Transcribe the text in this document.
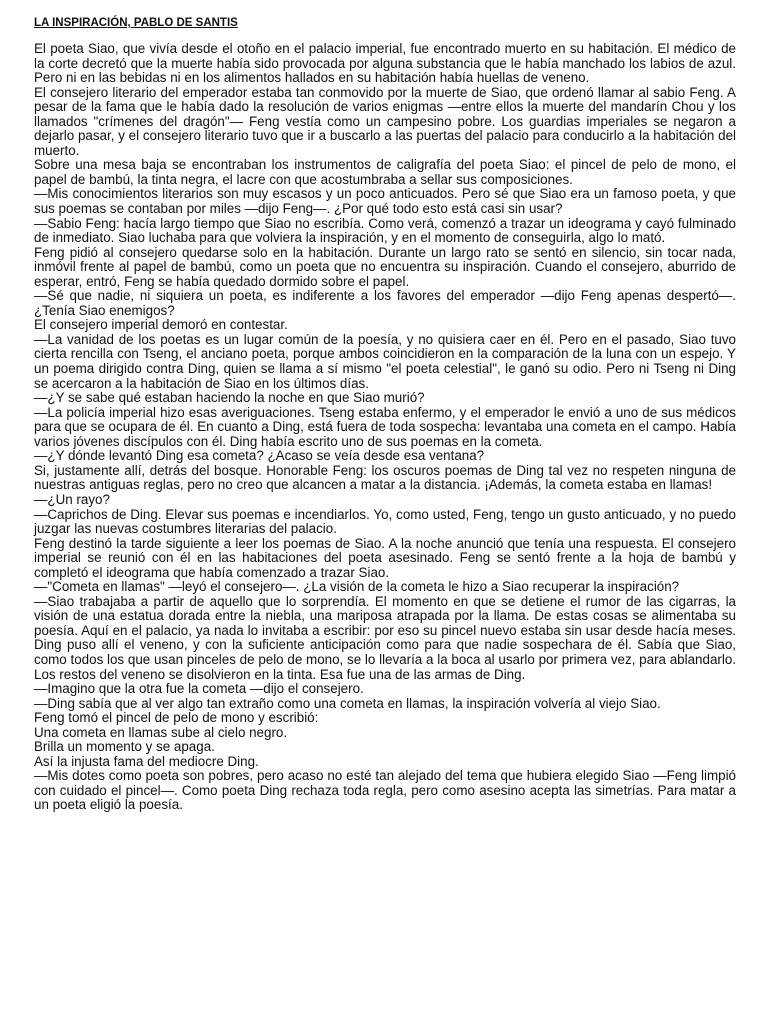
LA INSPIRACIÓN, PABLO DE SANTIS

El poeta Siao, que vivía desde el otoño en el palacio imperial, fue encontrado muerto en su habitación. El médico de la corte decretó que la muerte había sido provocada por alguna substancia que le había manchado los labios de azul. Pero ni en las bebidas ni en los alimentos hallados en su habitación había huellas de veneno.

El consejero literario del emperador estaba tan conmovido por la muerte de Siao, que ordenó llamar al sabio Feng. A pesar de la fama que le había dado la resolución de varios enigmas —entre ellos la muerte del mandarín Chou y los llamados "crímenes del dragón"— Feng vestía como un campesino pobre. Los guardias imperiales se negaron a dejarlo pasar, y el consejero literario tuvo que ir a buscarlo a las puertas del palacio para conducirlo a la habitación del muerto.

Sobre una mesa baja se encontraban los instrumentos de caligrafía del poeta Siao: el pincel de pelo de mono, el papel de bambú, la tinta negra, el lacre con que acostumbraba a sellar sus composiciones.

—Mis conocimientos literarios son muy escasos y un poco anticuados. Pero sé que Siao era un famoso poeta, y que sus poemas se contaban por miles —dijo Feng—. ¿Por qué todo esto está casi sin usar?

—Sabio Feng: hacía largo tiempo que Siao no escribía. Como verá, comenzó a trazar un ideograma y cayó fulminado de inmediato. Siao luchaba para que volviera la inspiración, y en el momento de conseguirla, algo lo mató.

Feng pidió al consejero quedarse solo en la habitación. Durante un largo rato se sentó en silencio, sin tocar nada, inmóvil frente al papel de bambú, como un poeta que no encuentra su inspiración. Cuando el consejero, aburrido de esperar, entró, Feng se había quedado dormido sobre el papel.

—Sé que nadie, ni siquiera un poeta, es indiferente a los favores del emperador —dijo Feng apenas despertó—. ¿Tenía Siao enemigos?

El consejero imperial demoró en contestar.

—La vanidad de los poetas es un lugar común de la poesía, y no quisiera caer en él. Pero en el pasado, Siao tuvo cierta rencilla con Tseng, el anciano poeta, porque ambos coincidieron en la comparación de la luna con un espejo. Y un poema dirigido contra Ding, quien se llama a sí mismo "el poeta celestial", le ganó su odio. Pero ni Tseng ni Ding se acercaron a la habitación de Siao en los últimos días.

—¿Y se sabe qué estaban haciendo la noche en que Siao murió?

—La policía imperial hizo esas averiguaciones. Tseng estaba enfermo, y el emperador le envió a uno de sus médicos para que se ocupara de él. En cuanto a Ding, está fuera de toda sospecha: levantaba una cometa en el campo. Había varios jóvenes discípulos con él. Ding había escrito uno de sus poemas en la cometa.

—¿Y dónde levantó Ding esa cometa? ¿Acaso se veía desde esa ventana?

Si, justamente allí, detrás del bosque. Honorable Feng: los oscuros poemas de Ding tal vez no respeten ninguna de nuestras antiguas reglas, pero no creo que alcancen a matar a la distancia. ¡Además, la cometa estaba en llamas!

—¿Un rayo?

—Caprichos de Ding. Elevar sus poemas e incendiarlos. Yo, como usted, Feng, tengo un gusto anticuado, y no puedo juzgar las nuevas costumbres literarias del palacio.

Feng destinó la tarde siguiente a leer los poemas de Siao. A la noche anunció que tenía una respuesta. El consejero imperial se reunió con él en las habitaciones del poeta asesinado. Feng se sentó frente a la hoja de bambú y completó el ideograma que había comenzado a trazar Siao.

—"Cometa en llamas" —leyó el consejero—. ¿La visión de la cometa le hizo a Siao recuperar la inspiración?

—Siao trabajaba a partir de aquello que lo sorprendía. El momento en que se detiene el rumor de las cigarras, la visión de una estatua dorada entre la niebla, una mariposa atrapada por la llama. De estas cosas se alimentaba su poesía. Aquí en el palacio, ya nada lo invitaba a escribir: por eso su pincel nuevo estaba sin usar desde hacía meses. Ding puso allí el veneno, y con la suficiente anticipación como para que nadie sospechara de él. Sabía que Siao, como todos los que usan pinceles de pelo de mono, se lo llevaría a la boca al usarlo por primera vez, para ablandarlo. Los restos del veneno se disolvieron en la tinta. Esa fue una de las armas de Ding.

—Imagino que la otra fue la cometa —dijo el consejero.

—Ding sabía que al ver algo tan extraño como una cometa en llamas, la inspiración volvería al viejo Siao.

Feng tomó el pincel de pelo de mono y escribió:

Una cometa en llamas sube al cielo negro.

Brilla un momento y se apaga.

Así la injusta fama del mediocre Ding.

—Mis dotes como poeta son pobres, pero acaso no esté tan alejado del tema que hubiera elegido Siao —Feng limpió con cuidado el pincel—. Como poeta Ding rechaza toda regla, pero como asesino acepta las simetrías. Para matar a un poeta eligió la poesía.
